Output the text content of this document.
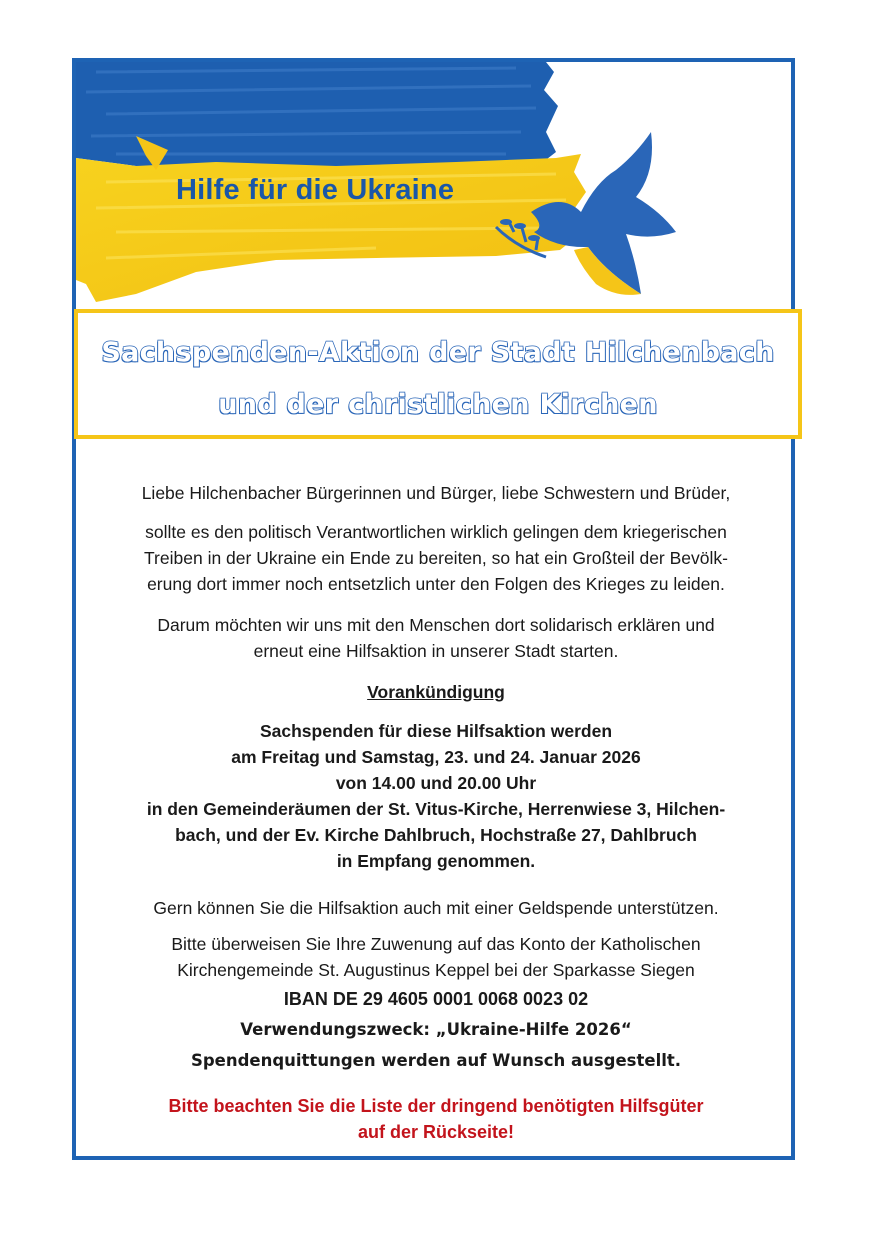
Hilfe für die Ukraine
Sachspenden-Aktion der Stadt Hilchenbach
und der christlichen Kirchen
Liebe Hilchenbacher Bürgerinnen und Bürger, liebe Schwestern und Brüder,
sollte es den politisch Verantwortlichen wirklich gelingen dem kriegerischen
Treiben in der Ukraine ein Ende zu bereiten, so hat ein Großteil der Bevölk-
erung dort immer noch entsetzlich unter den Folgen des Krieges zu leiden.
Darum möchten wir uns mit den Menschen dort solidarisch erklären und
erneut eine Hilfsaktion in unserer Stadt starten.
Vorankündigung
Sachspenden für diese Hilfsaktion werden
am Freitag und Samstag, 23. und 24. Januar 2026
von 14.00 und 20.00 Uhr
in den Gemeinderäumen der St. Vitus-Kirche, Herrenwiese 3, Hilchen-
bach, und der Ev. Kirche Dahlbruch, Hochstraße 27, Dahlbruch
in Empfang genommen.
Gern können Sie die Hilfsaktion auch mit einer Geldspende unterstützen.
Bitte überweisen Sie Ihre Zuwenung auf das Konto der Katholischen
Kirchengemeinde St. Augustinus Keppel bei der Sparkasse Siegen
IBAN DE 29 4605 0001 0068 0023 02
Verwendungszweck: „Ukraine-Hilfe 2026“
Spendenquittungen werden auf Wunsch ausgestellt.
Bitte beachten Sie die Liste der dringend benötigten Hilfsgüter
auf der Rückseite!
